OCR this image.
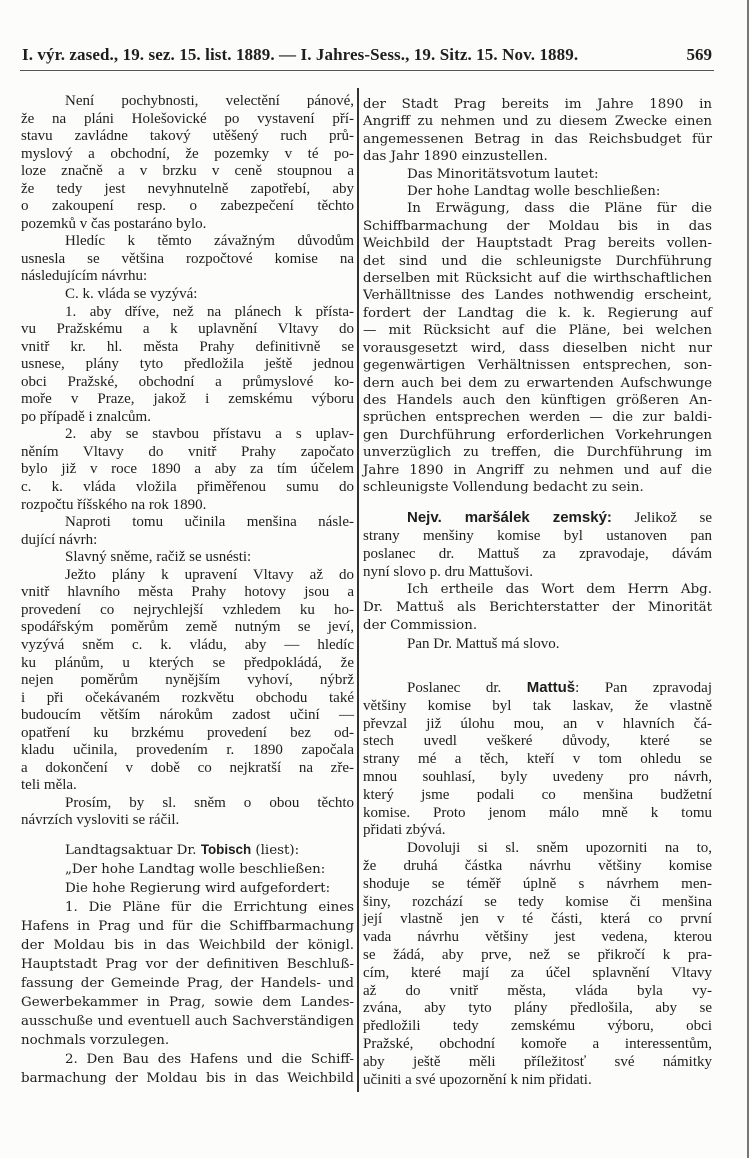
I. výr. zased., 19. sez. 15. list. 1889. — I. Jahres-Sess., 19. Sitz. 15. Nov. 1889.	569
Není pochybnosti, velectění pánové,
že na pláni Holešovické po vystavení pří-
stavu zavládne takový utěšený ruch prů-
myslový a obchodní, že pozemky v té po-
loze značně a v brzku v ceně stoupnou a
že tedy jest nevyhnutelně zapotřebí, aby
o zakoupení resp. o zabezpečení těchto
pozemků v čas postaráno bylo.
Hledíc k těmto závažným důvodům
usnesla se většina rozpočtové komise na
následujícím návrhu:
C. k. vláda se vyzývá:
1. aby dříve, než na plánech k přísta-
vu Pražskému a k uplavnění Vltavy do
vnitř kr. hl. města Prahy definitivně se
usnese, plány tyto předložila ještě jednou
obci Pražské, obchodní a průmyslové ko-
moře v Praze, jakož i zemskému výboru
po případě i znalcům.
2. aby se stavbou přístavu a s uplav-
něním Vltavy do vnitř Prahy započato
bylo již v roce 1890 a aby za tím účelem
c. k. vláda vložila přiměřenou sumu do
rozpočtu říšského na rok 1890.
Naproti tomu učinila menšina násle-
dující návrh:
Slavný sněme, račiž se usnésti:
Ježto plány k upravení Vltavy až do
vnitř hlavního města Prahy hotovy jsou a
provedení co nejrychlejší vzhledem ku ho-
spodářským poměrům země nutným se jeví,
vyzývá sněm c. k. vládu, aby — hledíc
ku plánům, u kterých se předpokládá, že
nejen poměrům nynějším vyhoví, nýbrž
i při očekávaném rozkvětu obchodu také
budoucím větším nárokům zadost učiní —
opatření ku brzkému provedení bez od-
kladu učinila, provedením r. 1890 započala
a dokončení v době co nejkratší na zře-
teli měla.
Prosím, by sl. sněm o obou těchto
návrzích vysloviti se ráčil.
Landtagsaktuar Dr. Tobisch (liest):
„Der hohe Landtag wolle beschließen:
Die hohe Regierung wird aufgefordert:
1. Die Pläne für die Errichtung eines
Hafens in Prag und für die Schiffbarmachung
der Moldau bis in das Weichbild der königl.
Hauptstadt Prag vor der definitiven Beschluß-
fassung der Gemeinde Prag, der Handels- und
Gewerbekammer in Prag, sowie dem Landes-
ausschuße und eventuell auch Sachverständigen
nochmals vorzulegen.
2. Den Bau des Hafens und die Schiff-
barmachung der Moldau bis in das Weichbild
der Stadt Prag bereits im Jahre 1890 in
Angriff zu nehmen und zu diesem Zwecke einen
angemessenen Betrag in das Reichsbudget für
das Jahr 1890 einzustellen.
Das Minoritätsvotum lautet:
Der hohe Landtag wolle beschließen:
In Erwägung, dass die Pläne für die
Schiffbarmachung der Moldau bis in das
Weichbild der Hauptstadt Prag bereits vollen-
det sind und die schleunigste Durchführung
derselben mit Rücksicht auf die wirthschaftlichen
Verhälltnisse des Landes nothwendig erscheint,
fordert der Landtag die k. k. Regierung auf
— mit Rücksicht auf die Pläne, bei welchen
vorausgesetzt wird, dass dieselben nicht nur
gegenwärtigen Verhältnissen entsprechen, son-
dern auch bei dem zu erwartenden Aufschwunge
des Handels auch den künftigen größeren An-
sprüchen entsprechen werden — die zur baldi-
gen Durchführung erforderlichen Vorkehrungen
unverzüglich zu treffen, die Durchführung im
Jahre 1890 in Angriff zu nehmen und auf die
schleunigste Vollendung bedacht zu sein.
Nejv. maršálek zemský: Jelikož se
strany menšiny komise byl ustanoven pan
poslanec dr. Mattuš za zpravodaje, dávám
nyní slovo p. dru Mattušovi.
Ich ertheile das Wort dem Herrn Abg.
Dr. Mattuš als Berichterstatter der Minorität
der Commission.
Pan Dr. Mattuš má slovo.
Poslanec dr. Mattuš: Pan zpravodaj
většiny komise byl tak laskav, že vlastně
převzal již úlohu mou, an v hlavních čá-
stech uvedl veškeré důvody, které se
strany mé a těch, kteří v tom ohledu se
mnou souhlasí, byly uvedeny pro návrh,
který jsme podali co menšina budžetní
komise. Proto jenom málo mně k tomu
přidati zbývá.
Dovoluji si sl. sněm upozorniti na to,
že druhá částka návrhu většiny komise
shoduje se téměř úplně s návrhem men-
šiny, rozchází se tedy komise či menšina
její vlastně jen v té části, která co první
vada návrhu většiny jest vedena, kterou
se žádá, aby prve, než se přikročí k pra-
cím, které mají za účel splavnění Vltavy
až do vnitř města, vláda byla vy-
zvána, aby tyto plány předlošila, aby se
předložili tedy zemskému výboru, obci
Pražské, obchodní komoře a interessentům,
aby ještě měli příležitosť své námitky
učiniti a své upozornění k nim přidati.
